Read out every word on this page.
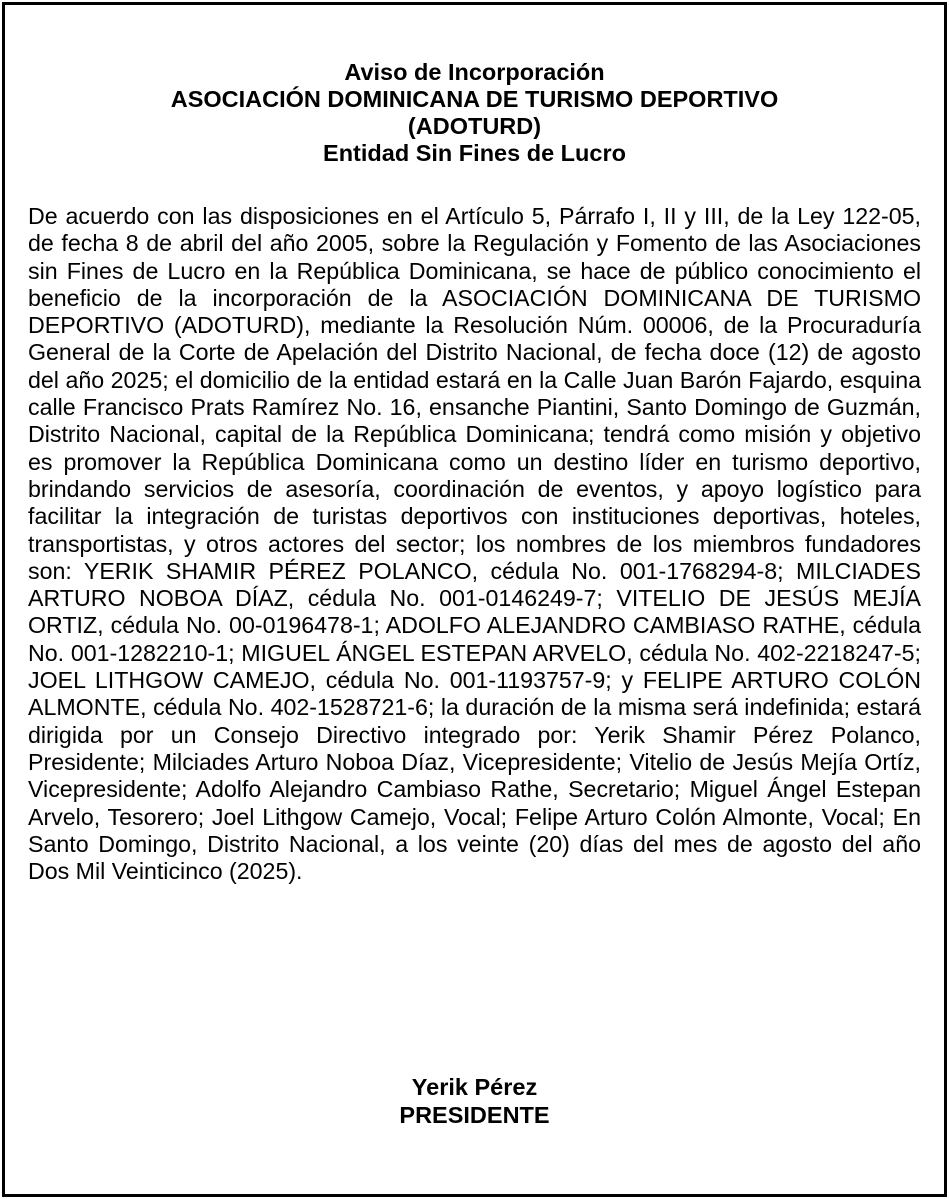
Aviso de Incorporación
ASOCIACIÓN DOMINICANA DE TURISMO DEPORTIVO
(ADOTURD)
Entidad Sin Fines de Lucro

De acuerdo con las disposiciones en el Artículo 5, Párrafo I, II y III, de la Ley 122-05, de fecha 8 de abril del año 2005, sobre la Regulación y Fomento de las Asociaciones sin Fines de Lucro en la República Dominicana, se hace de público conocimiento el beneficio de la incorporación de la ASOCIACIÓN DOMINICANA DE TURISMO DEPORTIVO (ADOTURD), mediante la Resolución Núm. 00006, de la Procuraduría General de la Corte de Apelación del Distrito Nacional, de fecha doce (12) de agosto del año 2025; el domicilio de la entidad estará en la Calle Juan Barón Fajardo, esquina calle Francisco Prats Ramírez No. 16, ensanche Piantini, Santo Domingo de Guzmán, Distrito Nacional, capital de la República Dominicana; tendrá como misión y objetivo es promover la República Dominicana como un destino líder en turismo deportivo, brindando servicios de asesoría, coordinación de eventos, y apoyo logístico para facilitar la integración de turistas deportivos con instituciones deportivas, hoteles, transportistas, y otros actores del sector; los nombres de los miembros fundadores son: YERIK SHAMIR PÉREZ POLANCO, cédula No. 001-1768294-8; MILCIADES ARTURO NOBOA DÍAZ, cédula No. 001-0146249-7; VITELIO DE JESÚS MEJÍA ORTIZ, cédula No. 00-0196478-1; ADOLFO ALEJANDRO CAMBIASO RATHE, cédula No. 001-1282210-1; MIGUEL ÁNGEL ESTEPAN ARVELO, cédula No. 402-2218247-5; JOEL LITHGOW CAMEJO, cédula No. 001-1193757-9; y FELIPE ARTURO COLÓN ALMONTE, cédula No. 402-1528721-6; la duración de la misma será indefinida; estará dirigida por un Consejo Directivo integrado por: Yerik Shamir Pérez Polanco, Presidente; Milciades Arturo Noboa Díaz, Vicepresidente; Vitelio de Jesús Mejía Ortíz, Vicepresidente; Adolfo Alejandro Cambiaso Rathe, Secretario; Miguel Ángel Estepan Arvelo, Tesorero; Joel Lithgow Camejo, Vocal; Felipe Arturo Colón Almonte, Vocal; En Santo Domingo, Distrito Nacional, a los veinte (20) días del mes de agosto del año Dos Mil Veinticinco (2025).

Yerik Pérez
PRESIDENTE
